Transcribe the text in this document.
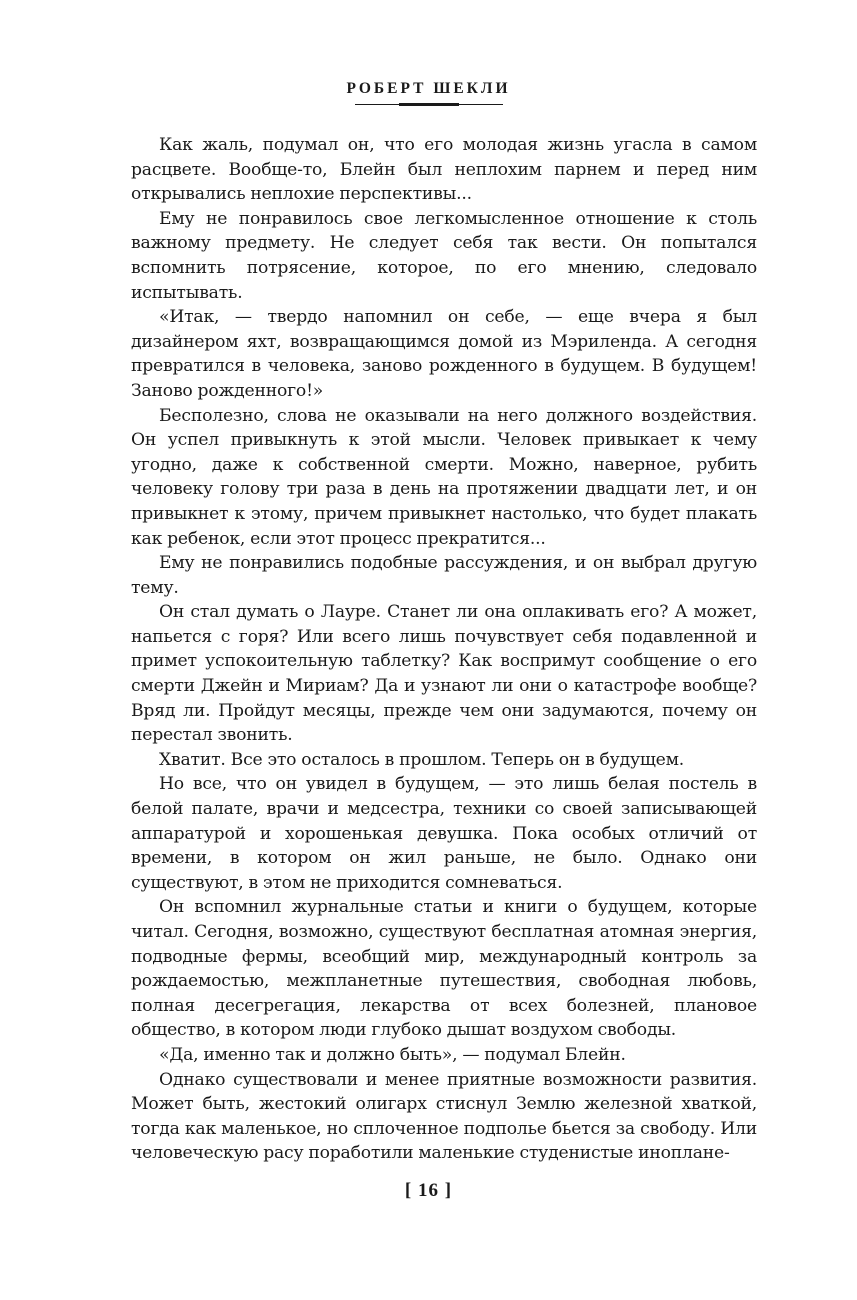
РОБЕРТ ШЕКЛИ

Как жаль, подумал он, что его молодая жизнь угасла в самом расцвете. Вообще-то, Блейн был неплохим парнем и перед ним открывались неплохие перспективы...

Ему не понравилось свое легкомысленное отношение к столь важному предмету. Не следует себя так вести. Он попытался вспомнить потрясение, которое, по его мнению, следовало испытывать.

«Итак, — твердо напомнил он себе, — еще вчера я был дизайнером яхт, возвращающимся домой из Мэриленда. А сегодня превратился в человека, заново рожденного в будущем. В будущем! Заново рожденного!»

Бесполезно, слова не оказывали на него должного воздействия. Он успел привыкнуть к этой мысли. Человек привыкает к чему угодно, даже к собственной смерти. Можно, наверное, рубить человеку голову три раза в день на протяжении двадцати лет, и он привыкнет к этому, причем привыкнет настолько, что будет плакать как ребенок, если этот процесс прекратится...

Ему не понравились подобные рассуждения, и он выбрал другую тему.

Он стал думать о Лауре. Станет ли она оплакивать его? А может, напьется с горя? Или всего лишь почувствует себя подавленной и примет успокоительную таблетку? Как воспримут сообщение о его смерти Джейн и Мириам? Да и узнают ли они о катастрофе вообще? Вряд ли. Пройдут месяцы, прежде чем они задумаются, почему он перестал звонить.

Хватит. Все это осталось в прошлом. Теперь он в будущем.

Но все, что он увидел в будущем, — это лишь белая постель в белой палате, врачи и медсестра, техники со своей записывающей аппаратурой и хорошенькая девушка. Пока особых отличий от времени, в котором он жил раньше, не было. Однако они существуют, в этом не приходится сомневаться.

Он вспомнил журнальные статьи и книги о будущем, которые читал. Сегодня, возможно, существуют бесплатная атомная энергия, подводные фермы, всеобщий мир, международный контроль за рождаемостью, межпланетные путешествия, свободная любовь, полная десегрегация, лекарства от всех болезней, плановое общество, в котором люди глубоко дышат воздухом свободы.

«Да, именно так и должно быть», — подумал Блейн.

Однако существовали и менее приятные возможности развития. Может быть, жестокий олигарх стиснул Землю железной хваткой, тогда как маленькое, но сплоченное подполье бьется за свободу. Или человеческую расу поработили маленькие студенистые иноплане-

[ 16 ]
